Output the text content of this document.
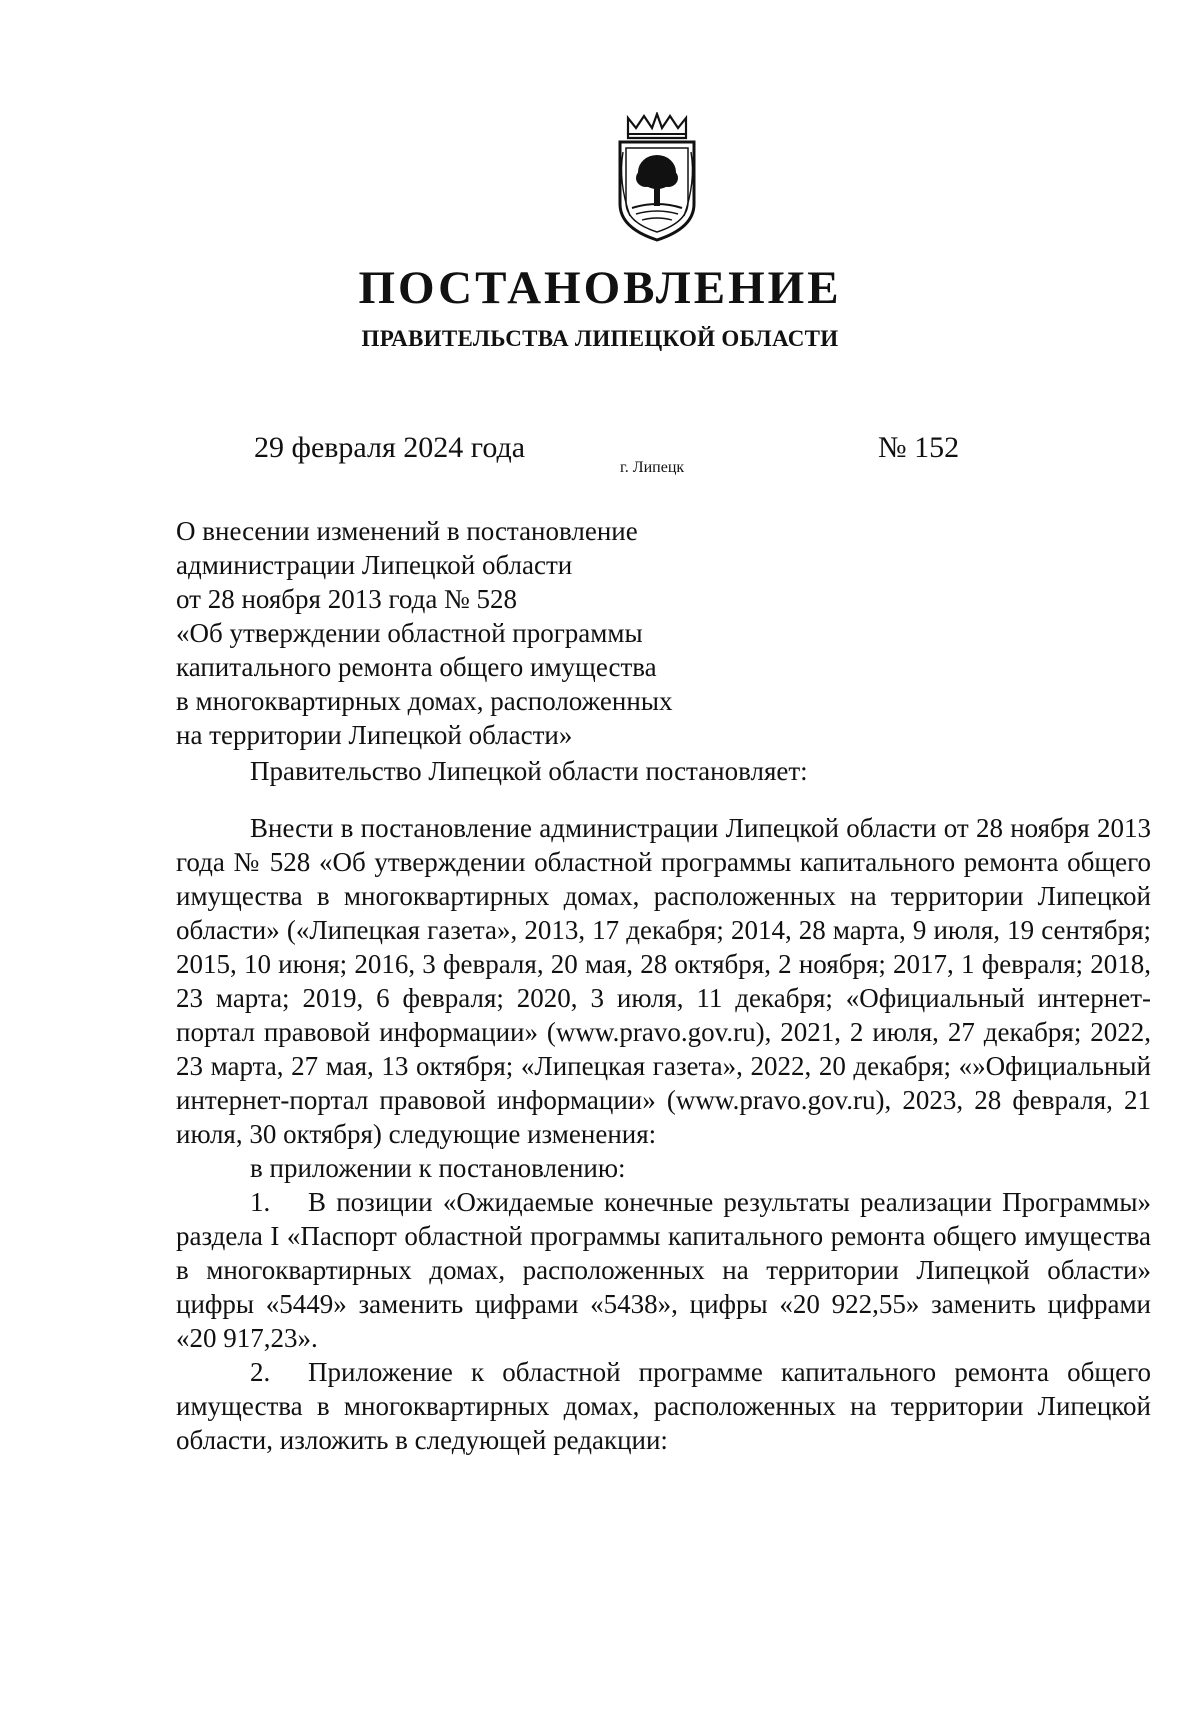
ПОСТАНОВЛЕНИЕ
ПРАВИТЕЛЬСТВА ЛИПЕЦКОЙ ОБЛАСТИ
29 февраля 2024 года
г. Липецк
№ 152
О внесении изменений в постановление
администрации Липецкой области
от 28 ноября 2013 года № 528
«Об утверждении областной программы
капитального ремонта общего имущества
в многоквартирных домах, расположенных
на территории Липецкой области»
Правительство Липецкой области постановляет:

Внести в постановление администрации Липецкой области от 28 ноября 2013 года № 528 «Об утверждении областной программы капитального ремонта общего имущества в многоквартирных домах, расположенных на территории Липецкой области» («Липецкая газета», 2013, 17 декабря; 2014, 28 марта, 9 июля, 19 сентября; 2015, 10 июня; 2016, 3 февраля, 20 мая, 28 октября, 2 ноября; 2017, 1 февраля; 2018, 23 марта; 2019, 6 февраля; 2020, 3 июля, 11 декабря; «Официальный интернет-портал правовой информации» (www.pravo.gov.ru), 2021, 2 июля, 27 декабря; 2022, 23 марта, 27 мая, 13 октября; «Липецкая газета», 2022, 20 декабря; «»Официальный интернет-портал правовой информации» (www.pravo.gov.ru), 2023, 28 февраля, 21 июля, 30 октября) следующие изменения:

в приложении к постановлению:

1. В позиции «Ожидаемые конечные результаты реализации Программы» раздела I «Паспорт областной программы капитального ремонта общего имущества в многоквартирных домах, расположенных на территории Липецкой области» цифры «5449» заменить цифрами «5438», цифры «20 922,55» заменить цифрами «20 917,23».

2. Приложение к областной программе капитального ремонта общего имущества в многоквартирных домах, расположенных на территории Липецкой области, изложить в следующей редакции:
